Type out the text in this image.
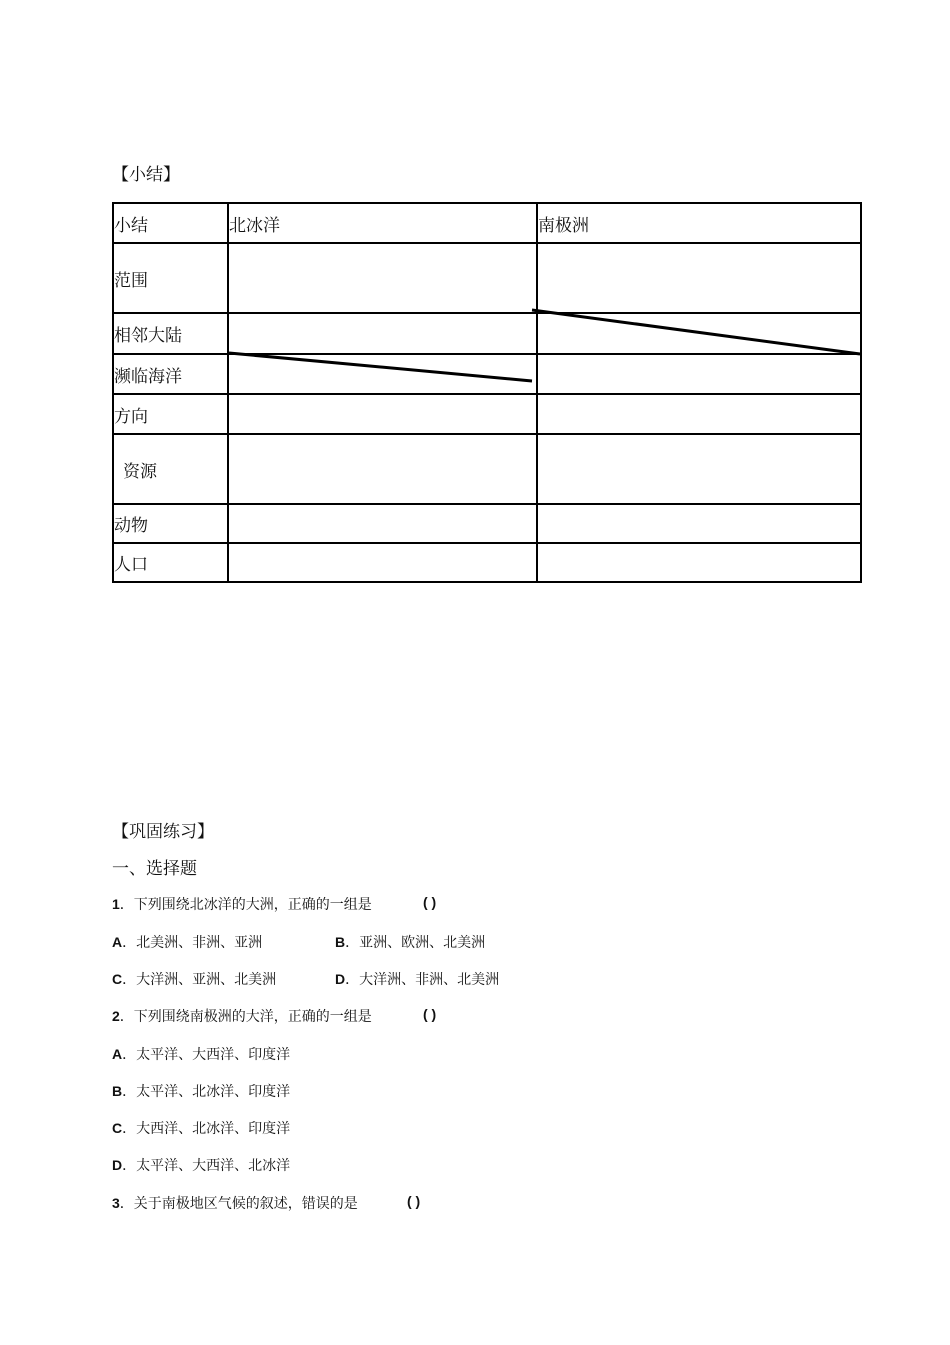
【小结】
小结	北冰洋	南极洲
范围		
相邻大陆		
濒临海洋		
方向		
资源		
动物		
人口		
【巩固练习】
一、选择题
1．下列围绕北冰洋的大洲，正确的一组是	( )
A．北美洲、非洲、亚洲	B．亚洲、欧洲、北美洲
C．大洋洲、亚洲、北美洲	D．大洋洲、非洲、北美洲
2．下列围绕南极洲的大洋，正确的一组是	( )
A．太平洋、大西洋、印度洋
B．太平洋、北冰洋、印度洋
C．大西洋、北冰洋、印度洋
D．太平洋、大西洋、北冰洋
3．关于南极地区气候的叙述，错误的是	( )
